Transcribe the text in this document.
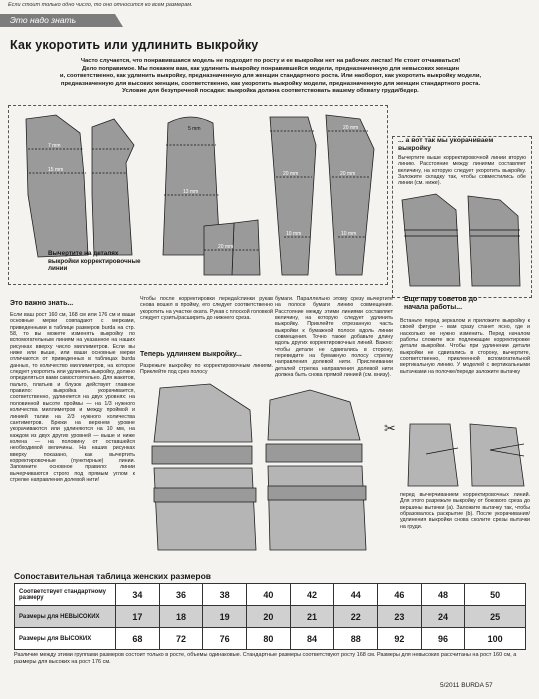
Если стоит только одно число, то оно относится ко всем размерам.
Это надо знать
Как укоротить или удлинить выкройку
Часто случается, что понравившаяся модель не подходит по росту и ее выкройки нет на рабочих листах! Не стоит отчаиваться!
Дело поправимое. Мы покажем вам, как удлинить выкройку понравившейся модели, предназначенную для невысоких женщин
и, соответственно, как удлинить выкройку, предназначенную для женщин стандартного роста. Или наоборот, как укоротить выкройку модели,
предназначенную для высоких женщин, соответственно, как укоротить выкройку модели, предназначенную для женщин стандартного роста.
Условие для безупречной посадки: выкройка должна соответствовать вашему обхвату груди/бедер.
7 mm
15 mm
5 mm
13 mm
20 mm
20 mm	20 mm
10 mm	10 mm
20 mm
Вычертите на деталях выкройки корректировочные линии
... а вот так мы укорачиваем выкройку
Вычертите выше корректировочной линии вторую линию. Расстояние между линиями составляет величину, на которую следует укоротить выкройку. Заложите складку так, чтобы совместились обе линии (см. ниже).
Это важно знать...
Если ваш рост 160 см, 168 см или 176 см и ваши основные мерки совпадают с мерками, приведенными в таблице размеров burda на стр. 58, то вы можете изменять выкройку по вспомогательным линиям на указанное на наших рисунках вверху число миллиметров. Если вы ниже или выше, или ваши основные мерки отличаются от приведенных в таблицах burda данных, то количество миллиметров, на которое следует укоротить или удлинить выкройку, должно определяться вами самостоятельно. Для жакетов, пальто, платьев и блузок действует главное правило: выкройка укорачивается, соответственно, удлиняется на двух уровнях: на половинной высоте проймы — на 1/3 нужного количества миллиметров и между проймой и линией талии на 2/3 нужного количества сантиметров. Брюки на верхнем уровне укорачиваются или удлиняются на 10 мм, на каждом из двух других уровней — выше и ниже колена — на половину от оставшейся необходимой величины. На наших рисунках вверху показано, как вычертить корректировочные (пунктирные) линии. Запомните основное правило: линии вычерчиваются строго под прямым углом к стрелке направления долевой нити!
Чтобы после корректировки переда/спинки рукав снова вошел в пройму, его следует соответственно укоротить на участке оката. Рукав с плоской головкой следует сузить/расширить до нижнего среза.
Теперь удлиняем выкройку...
Разрежьте выкройку по корректировочным линиям. Приклейте под срез полосу
бумаги. Параллельно этому срезу вычертите на полосе бумаги линию совмещения. Расстояние между этими линиями составляет величину, на которую следует удлинить выкройку. Приклейте отрезанную часть выкройки к бумажной полосе вдоль линии совмещения. Точно также добавьте длину вдоль других корректировочных линий. Важно: чтобы детали не сдвигались в сторону, переведите на бумажную полосу стрелку направления долевой нити. Прислеивании деталей стрелка направления долевой нити должна быть снова прямой линией (см. внизу).
Еще пару советов до начала работы...
Встаньте перед зеркалом и приложите выкройку к своей фигуре – вам сразу станет ясно, где и насколько ее нужно изменить. Перед началом работы сложите все подлежащие корректировке детали выкройки. Чтобы при удлинении детали выкройки не сдвигались в сторону, вычертите, соответственно, приклеенной вспомогательной вертикальную линию. У моделей с вертикальными вытачками на полочке/переде заложите вытачку
✂
перед вычерчиванием корректировочных линий. Для этого разрежьте выкройку от бокового среза до вершины вытачки (а). Заложите вытачку так, чтобы образовалось раскрытие (b). После укорачивания/удлинения выкройки снова сколите срезы вытачки на груди.
Сопоставительная таблица женских размеров
Соответствует стандартному размеру	34	36	38	40	42	44	46	48	50
Размеры для НЕВЫСОКИХ	17	18	19	20	21	22	23	24	25
Размеры для ВЫСОКИХ	68	72	76	80	84	88	92	96	100
Различие между этими группами размеров состоит только в росте, объемы одинаковые. Стандартные размеры соответствуют росту 168 см. Размеры для невысоких рассчитаны на рост 160 см, а размеры для высоких на рост 176 см.
5/2011 BURDA 57
